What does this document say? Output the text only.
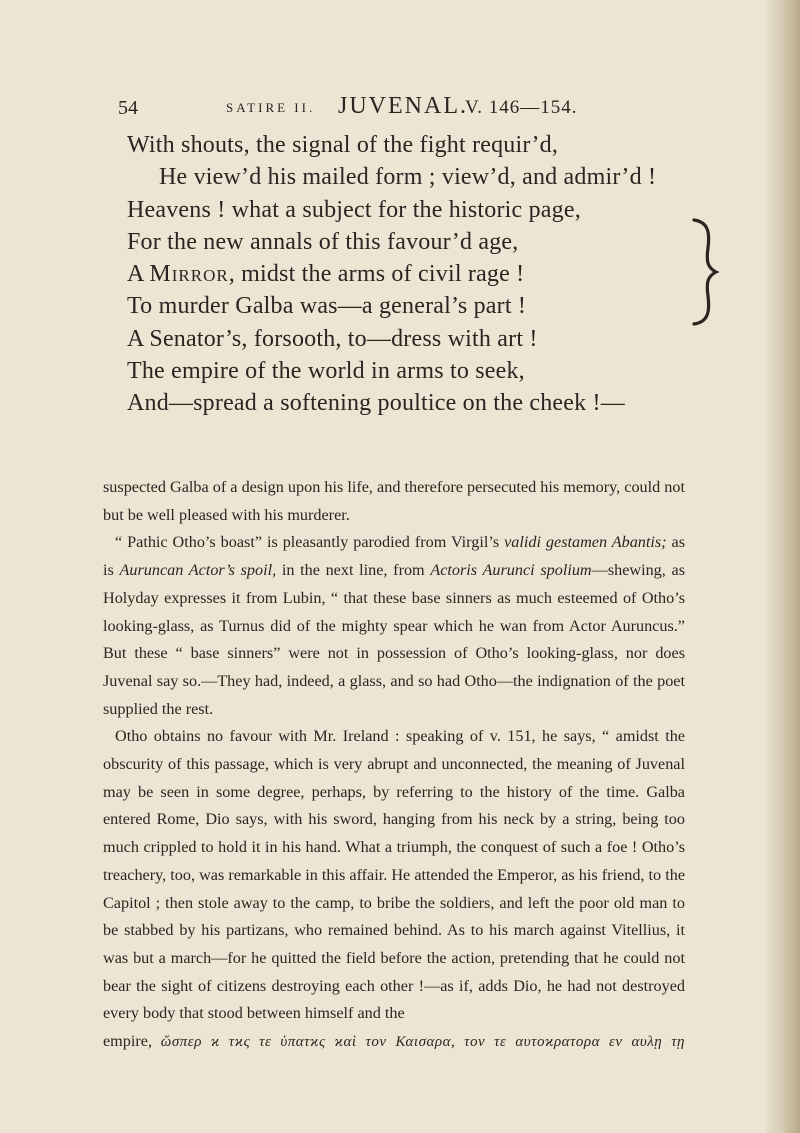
54	SATIRE II. JUVENAL.
V. 146—154.
With shouts, the signal of the fight requir’d,
He view’d his mailed form ; view’d, and admir’d !
Heavens ! what a subject for the historic page,
For the new annals of this favour’d age,
A Mirror, midst the arms of civil rage !
To murder Galba was—a general’s part !
A Senator’s, forsooth, to—dress with art !
The empire of the world in arms to seek,
And—spread a softening poultice on the cheek !—

suspected Galba of a design upon his life, and therefore persecuted his memory, could not but be well pleased with his murderer.

“ Pathic Otho’s boast” is pleasantly parodied from Virgil’s validi gestamen Abantis; as is Auruncan Actor’s spoil, in the next line, from Actoris Aurunci spolium—shewing, as Holyday expresses it from Lubin, “ that these base sinners as much esteemed of Otho’s looking-glass, as Turnus did of the mighty spear which he wan from Actor Auruncus.” But these “ base sinners” were not in possession of Otho’s looking-glass, nor does Juvenal say so.—They had, indeed, a glass, and so had Otho—the indignation of the poet supplied the rest.

Otho obtains no favour with Mr. Ireland : speaking of v. 151, he says, “ amidst the obscurity of this passage, which is very abrupt and unconnected, the meaning of Juvenal may be seen in some degree, perhaps, by referring to the history of the time. Galba entered Rome, Dio says, with his sword, hanging from his neck by a string, being too much crippled to hold it in his hand. What a triumph, the conquest of such a foe ! Otho’s treachery, too, was remarkable in this affair. He attended the Emperor, as his friend, to the Capitol ; then stole away to the camp, to bribe the soldiers, and left the poor old man to be stabbed by his partizans, who remained behind. As to his march against Vitellius, it was but a march—for he quitted the field before the action, pretending that he could not bear the sight of citizens destroying each other !—as if, adds Dio, he had not destroyed every body that stood between himself and the

empire, ὥσπερ ϰ τϰς τε ὑπατϰς ϰαὶ τον Καισαρα, τον τε αυτοϰρατορα εν αυλῃ τῃ
